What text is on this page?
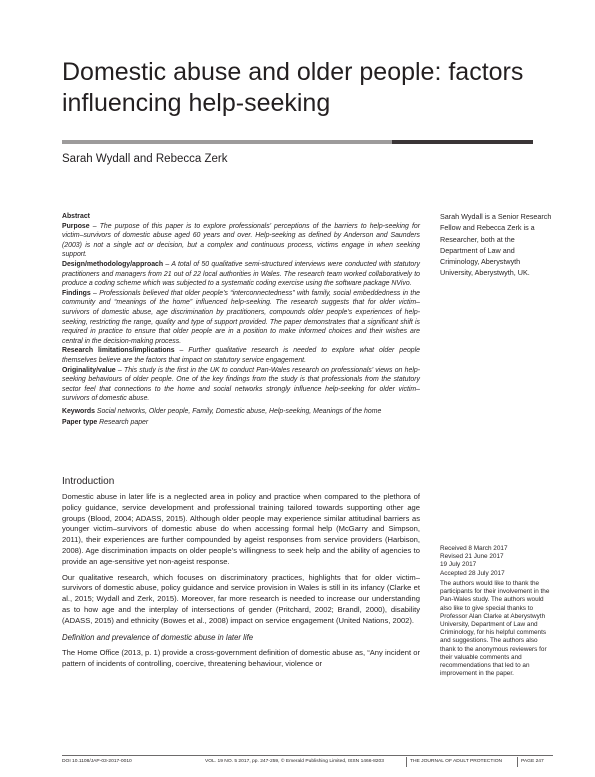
Domestic abuse and older people: factors
influencing help-seeking
Sarah Wydall and Rebecca Zerk

Abstract

Purpose – The purpose of this paper is to explore professionals’ perceptions of the barriers to help-seeking for victim–survivors of domestic abuse aged 60 years and over. Help-seeking as defined by Anderson and Saunders (2003) is not a single act or decision, but a complex and continuous process, victims engage in when seeking support.

Design/methodology/approach – A total of 50 qualitative semi-structured interviews were conducted with statutory practitioners and managers from 21 out of 22 local authorities in Wales. The research team worked collaboratively to produce a coding scheme which was subjected to a systematic coding exercise using the software package NVivo.

Findings – Professionals believed that older people’s “interconnectedness” with family, social embeddedness in the community and “meanings of the home” influenced help-seeking. The research suggests that for older victim–survivors of domestic abuse, age discrimination by practitioners, compounds older people’s experiences of help-seeking, restricting the range, quality and type of support provided. The paper demonstrates that a significant shift is required in practice to ensure that older people are in a position to make informed choices and their wishes are central in the decision-making process.

Research limitations/implications – Further qualitative research is needed to explore what older people themselves believe are the factors that impact on statutory service engagement.

Originality/value – This study is the first in the UK to conduct Pan-Wales research on professionals’ views on help-seeking behaviours of older people. One of the key findings from the study is that professionals from the statutory sector feel that connections to the home and social networks strongly influence help-seeking for older victim–survivors of domestic abuse.

Keywords Social networks, Older people, Family, Domestic abuse, Help-seeking, Meanings of the home

Paper type Research paper

Sarah Wydall is a Senior Research Fellow and Rebecca Zerk is a Researcher, both at the Department of Law and Criminology, Aberystwyth University, Aberystwyth, UK.
Introduction

Domestic abuse in later life is a neglected area in policy and practice when compared to the plethora of policy guidance, service development and professional training tailored towards supporting other age groups (Blood, 2004; ADASS, 2015). Although older people may experience similar attitudinal barriers as younger victim–survivors of domestic abuse do when accessing formal help (McGarry and Simpson, 2011), their experiences are further compounded by ageist responses from service providers (Harbison, 2008). Age discrimination impacts on older people’s willingness to seek help and the ability of agencies to provide an age-sensitive yet non-ageist response.

Our qualitative research, which focuses on discriminatory practices, highlights that for older victim–survivors of domestic abuse, policy guidance and service provision in Wales is still in its infancy (Clarke et al., 2015; Wydall and Zerk, 2015). Moreover, far more research is needed to increase our understanding as to how age and the interplay of intersections of gender (Pritchard, 2002; Brandl, 2000), disability (ADASS, 2015) and ethnicity (Bowes et al., 2008) impact on service engagement (United Nations, 2002).

Definition and prevalence of domestic abuse in later life

The Home Office (2013, p. 1) provide a cross-government definition of domestic abuse as, “Any incident or pattern of incidents of controlling, coercive, threatening behaviour, violence or

Received 8 March 2017
Revised 21 June 2017
19 July 2017
Accepted 28 July 2017
The authors would like to thank the participants for their involvement in the Pan-Wales study. The authors would also like to give special thanks to Professor Alan Clarke at Aberystwyth University, Department of Law and Criminology, for his helpful comments and suggestions. The authors also thank to the anonymous reviewers for their valuable comments and recommendations that led to an improvement in the paper.
DOI 10.1108/JAP-03-2017-0010	VOL. 19 NO. 5 2017, pp. 247-259, © Emerald Publishing Limited, ISSN 1466-8203	THE JOURNAL OF ADULT PROTECTION	PAGE 247
